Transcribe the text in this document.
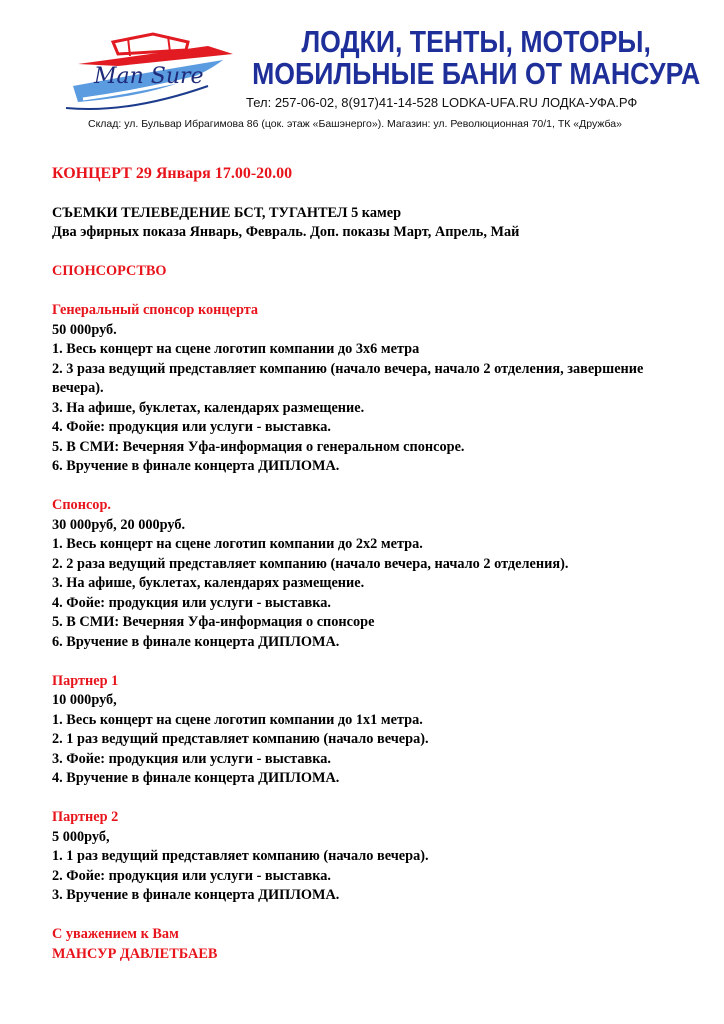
Man Sure
ЛОДКИ, ТЕНТЫ, МОТОРЫ,
МОБИЛЬНЫЕ БАНИ ОТ МАНСУРА
Тел: 257-06-02, 8(917)41-14-528 LODKA-UFA.RU ЛОДКА-УФА.РФ
Склад: ул. Бульвар Ибрагимова 86 (цок. этаж «Башэнерго»). Магазин: ул. Революционная 70/1, ТК «Дружба»

КОНЦЕРТ 29 Января 17.00-20.00

СЪЕМКИ ТЕЛЕВЕДЕНИЕ БСТ, ТУГАНТЕЛ 5 камер

Два эфирных показа Январь, Февраль. Доп. показы Март, Апрель, Май

СПОНСОРСТВО

Генеральный спонсор концерта

50 000руб.

1. Весь концерт на сцене логотип компании до 3х6 метра

2. 3 раза ведущий представляет компанию (начало вечера, начало 2 отделения, завершение вечера).

3. На афише, буклетах, календарях размещение.

4. Фойе: продукция или услуги - выставка.

5. В СМИ: Вечерняя Уфа-информация о генеральном спонсоре.

6. Вручение в финале концерта ДИПЛОМА.

Спонсор.

30 000руб, 20 000руб.

1. Весь концерт на сцене логотип компании до 2х2 метра.

2. 2 раза ведущий представляет компанию (начало вечера, начало 2 отделения).

3. На афише, буклетах, календарях размещение.

4. Фойе: продукция или услуги - выставка.

5. В СМИ: Вечерняя Уфа-информация о спонсоре

6. Вручение в финале концерта ДИПЛОМА.

Партнер 1

10 000руб,

1. Весь концерт на сцене логотип компании до 1х1 метра.

2. 1 раз ведущий представляет компанию (начало вечера).

3. Фойе: продукция или услуги - выставка.

4. Вручение в финале концерта ДИПЛОМА.

Партнер 2

5 000руб,

1. 1 раз ведущий представляет компанию (начало вечера).

2. Фойе: продукция или услуги - выставка.

3. Вручение в финале концерта ДИПЛОМА.

С уважением к Вам

МАНСУР ДАВЛЕТБАЕВ
